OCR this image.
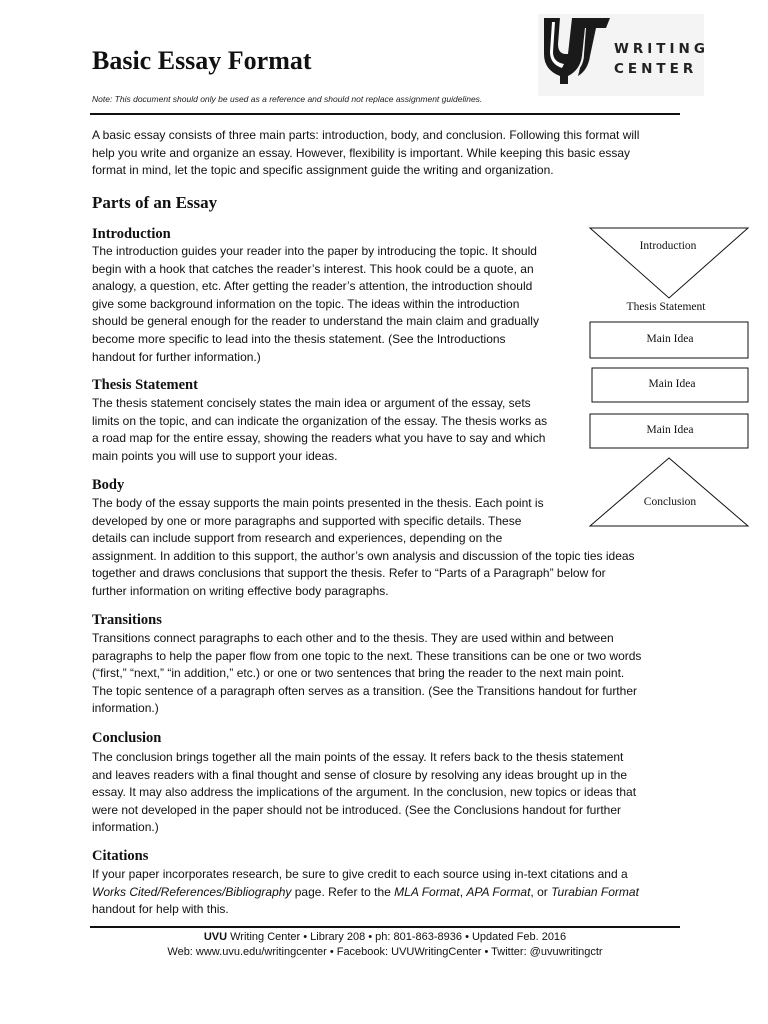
Basic Essay Format
Note: This document should only be used as a reference and should not replace assignment guidelines.
WRITING
CENTER
A basic essay consists of three main parts: introduction, body, and conclusion. Following this format will
help you write and organize an essay. However, flexibility is important. While keeping this basic essay
format in mind, let the topic and specific assignment guide the writing and organization.
Parts of an Essay
Introduction
The introduction guides your reader into the paper by introducing the topic. It should
begin with a hook that catches the reader’s interest. This hook could be a quote, an
analogy, a question, etc. After getting the reader’s attention, the introduction should
give some background information on the topic. The ideas within the introduction
should be general enough for the reader to understand the main claim and gradually
become more specific to lead into the thesis statement. (See the Introductions
handout for further information.)
Thesis Statement
The thesis statement concisely states the main idea or argument of the essay, sets
limits on the topic, and can indicate the organization of the essay. The thesis works as
a road map for the entire essay, showing the readers what you have to say and which
main points you will use to support your ideas.
Body
The body of the essay supports the main points presented in the thesis. Each point is
developed by one or more paragraphs and supported with specific details. These
details can include support from research and experiences, depending on the
assignment. In addition to this support, the author’s own analysis and discussion of the topic ties ideas
together and draws conclusions that support the thesis. Refer to “Parts of a Paragraph” below for
further information on writing effective body paragraphs.
Transitions
Transitions connect paragraphs to each other and to the thesis. They are used within and between
paragraphs to help the paper flow from one topic to the next. These transitions can be one or two words
(“first,” “next,” “in addition,” etc.) or one or two sentences that bring the reader to the next main point.
The topic sentence of a paragraph often serves as a transition. (See the Transitions handout for further
information.)
Conclusion
The conclusion brings together all the main points of the essay. It refers back to the thesis statement
and leaves readers with a final thought and sense of closure by resolving any ideas brought up in the
essay. It may also address the implications of the argument. In the conclusion, new topics or ideas that
were not developed in the paper should not be introduced. (See the Conclusions handout for further
information.)
Citations
If your paper incorporates research, be sure to give credit to each source using in-text citations and a
Works Cited/References/Bibliography page. Refer to the MLA Format, APA Format, or Turabian Format
handout for help with this.
Introduction
Thesis Statement
Main Idea
Main Idea
Main Idea
Conclusion
UVU Writing Center • Library 208 • ph: 801-863-8936 • Updated Feb. 2016
Web: www.uvu.edu/writingcenter • Facebook: UVUWritingCenter • Twitter: @uvuwritingctr
